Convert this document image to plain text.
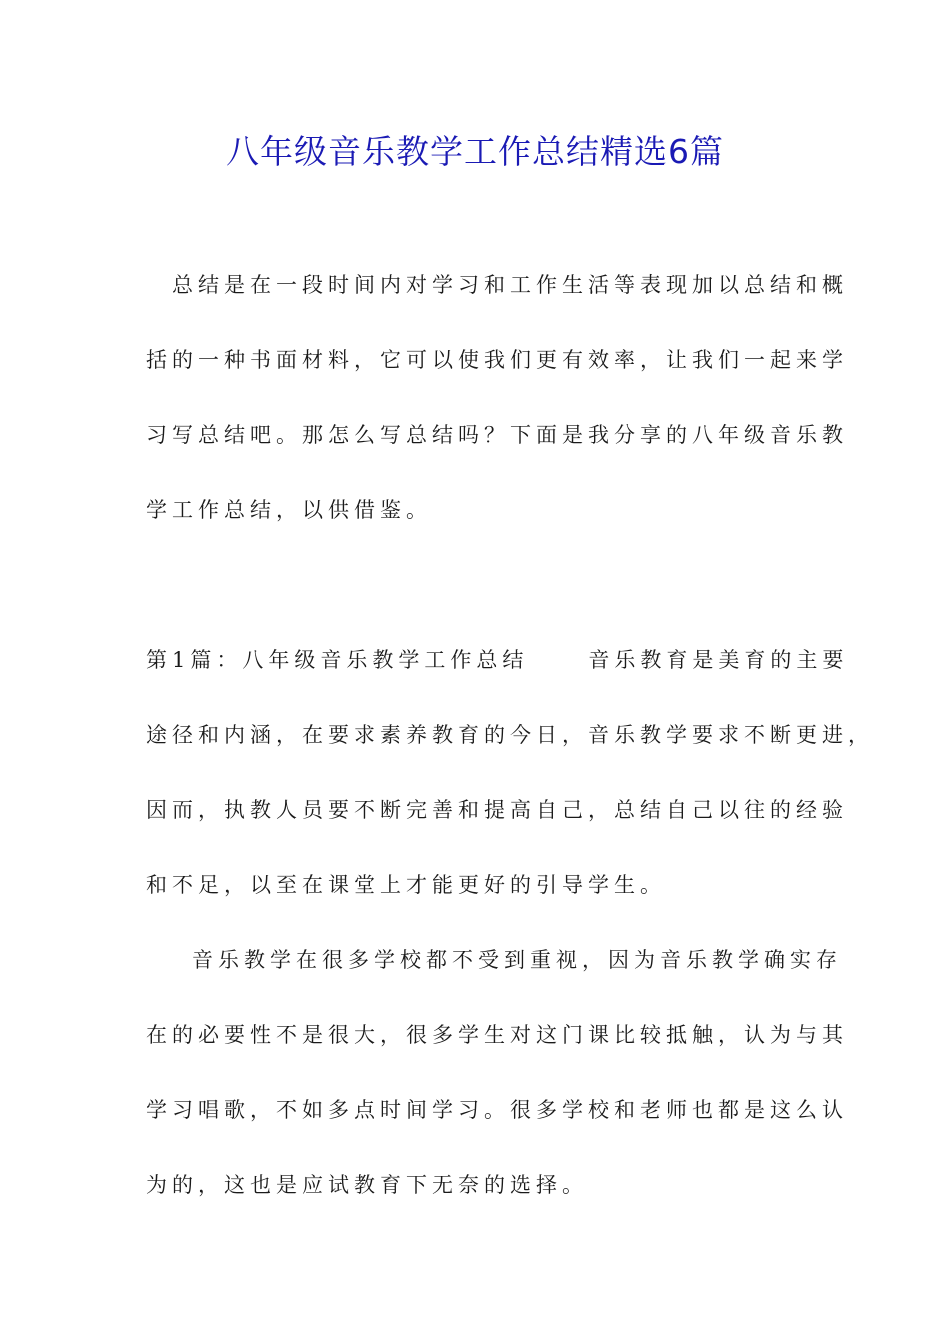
八年级音乐教学工作总结精选6篇
总结是在一段时间内对学习和工作生活等表现加以总结和概
括的一种书面材料，它可以使我们更有效率，让我们一起来学
习写总结吧。那怎么写总结吗？下面是我分享的八年级音乐教
学工作总结，以供借鉴。
第1篇：八年级音乐教学工作总结	音乐教育是美育的主要
途径和内涵，在要求素养教育的今日，音乐教学要求不断更进，
因而，执教人员要不断完善和提高自己，总结自己以往的经验
和不足，以至在课堂上才能更好的引导学生。
音乐教学在很多学校都不受到重视，因为音乐教学确实存
在的必要性不是很大，很多学生对这门课比较抵触，认为与其
学习唱歌，不如多点时间学习。很多学校和老师也都是这么认
为的，这也是应试教育下无奈的选择。
